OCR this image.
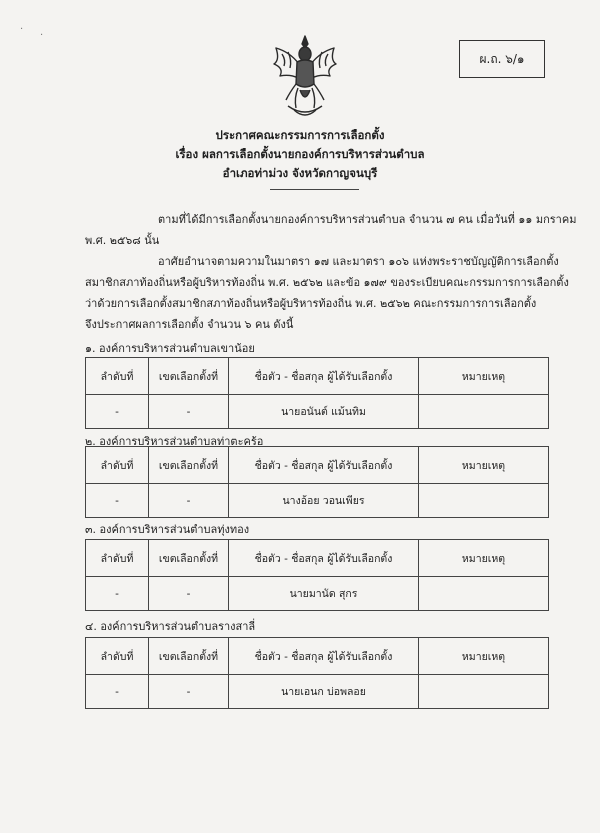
·
·
ผ.ถ. ๖/๑
ประกาศคณะกรรมการการเลือกตั้ง
เรื่อง ผลการเลือกตั้งนายกองค์การบริหารส่วนตำบล
อำเภอท่าม่วง จังหวัดกาญจนบุรี
ตามที่ได้มีการเลือกตั้งนายกองค์การบริหารส่วนตำบล จำนวน ๗ คน เมื่อวันที่ ๑๑ มกราคม
พ.ศ. ๒๕๖๘ นั้น
อาศัยอำนาจตามความในมาตรา ๑๗ และมาตรา ๑๐๖ แห่งพระราชบัญญัติการเลือกตั้ง
สมาชิกสภาท้องถิ่นหรือผู้บริหารท้องถิ่น พ.ศ. ๒๕๖๒ และข้อ ๑๗๙ ของระเบียบคณะกรรมการการเลือกตั้ง
ว่าด้วยการเลือกตั้งสมาชิกสภาท้องถิ่นหรือผู้บริหารท้องถิ่น พ.ศ. ๒๕๖๒ คณะกรรมการการเลือกตั้ง
จึงประกาศผลการเลือกตั้ง จำนวน ๖ คน ดังนี้
๑. องค์การบริหารส่วนตำบลเขาน้อย
ลำดับที่	เขตเลือกตั้งที่	ชื่อตัว - ชื่อสกุล ผู้ได้รับเลือกตั้ง	หมายเหตุ
-	-	นายอนันต์ แม้นทิม	
๒. องค์การบริหารส่วนตำบลท่าตะคร้อ
ลำดับที่	เขตเลือกตั้งที่	ชื่อตัว - ชื่อสกุล ผู้ได้รับเลือกตั้ง	หมายเหตุ
-	-	นางอ้อย วอนเพียร	
๓. องค์การบริหารส่วนตำบลทุ่งทอง
ลำดับที่	เขตเลือกตั้งที่	ชื่อตัว - ชื่อสกุล ผู้ได้รับเลือกตั้ง	หมายเหตุ
-	-	นายมานัด สุกร	
๔. องค์การบริหารส่วนตำบลรางสาลี่
ลำดับที่	เขตเลือกตั้งที่	ชื่อตัว - ชื่อสกุล ผู้ได้รับเลือกตั้ง	หมายเหตุ
-	-	นายเอนก บ่อพลอย	
